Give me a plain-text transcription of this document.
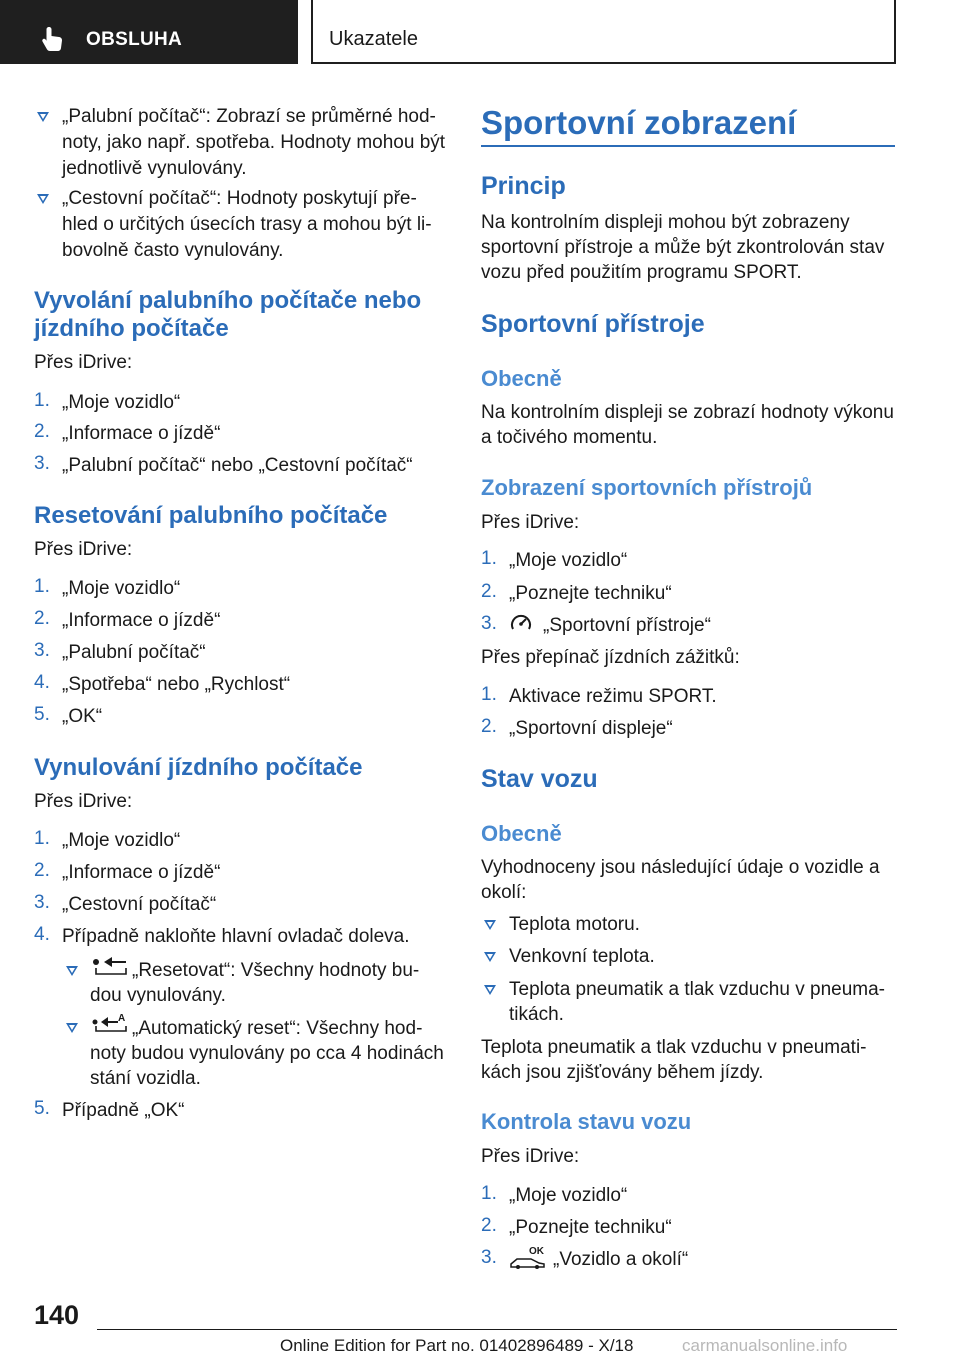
OBSLUHA	Ukazatele
„Palubní počítač“: Zobrazí se průměrné hod-
noty, jako např. spotřeba. Hodnoty mohou být
jednotlivě vynulovány.
„Cestovní počítač“: Hodnoty poskytují pře-
hled o určitých úsecích trasy a mohou být li-
bovolně často vynulovány.
Vyvolání palubního počítače nebo
jízdního počítače
Přes iDrive:
1. „Moje vozidlo“
2. „Informace o jízdě“
3. „Palubní počítač“ nebo „Cestovní počítač“
Resetování palubního počítače
Přes iDrive:
1. „Moje vozidlo“
2. „Informace o jízdě“
3. „Palubní počítač“
4. „Spotřeba“ nebo „Rychlost“
5. „OK“
Vynulování jízdního počítače
Přes iDrive:
1. „Moje vozidlo“
2. „Informace o jízdě“
3. „Cestovní počítač“
4. Případně nakloňte hlavní ovladač doleva.
„Resetovat“: Všechny hodnoty bu-
dou vynulovány.
A „Automatický reset“: Všechny hod-
noty budou vynulovány po cca 4 hodinách
stání vozidla.
5. Případně „OK“
Sportovní zobrazení
Princip
Na kontrolním displeji mohou být zobrazeny
sportovní přístroje a může být zkontrolován stav
vozu před použitím programu SPORT.
Sportovní přístroje
Obecně
Na kontrolním displeji se zobrazí hodnoty výkonu
a točivého momentu.
Zobrazení sportovních přístrojů
Přes iDrive:
1. „Moje vozidlo“
2. „Poznejte techniku“
3. „Sportovní přístroje“
Přes přepínač jízdních zážitků:
1. Aktivace režimu SPORT.
2. „Sportovní displeje“
Stav vozu
Obecně
Vyhodnoceny jsou následující údaje o vozidle a
okolí:
Teplota motoru.
Venkovní teplota.
Teplota pneumatik a tlak vzduchu v pneuma-
tikách.
Teplota pneumatik a tlak vzduchu v pneumati-
kách jsou zjišťovány během jízdy.
Kontrola stavu vozu
Přes iDrive:
1. „Moje vozidlo“
2. „Poznejte techniku“
3.	OK „Vozidlo a okolí“
140
Online Edition for Part no. 01402896489 - X/18	carmanualsonline.info
